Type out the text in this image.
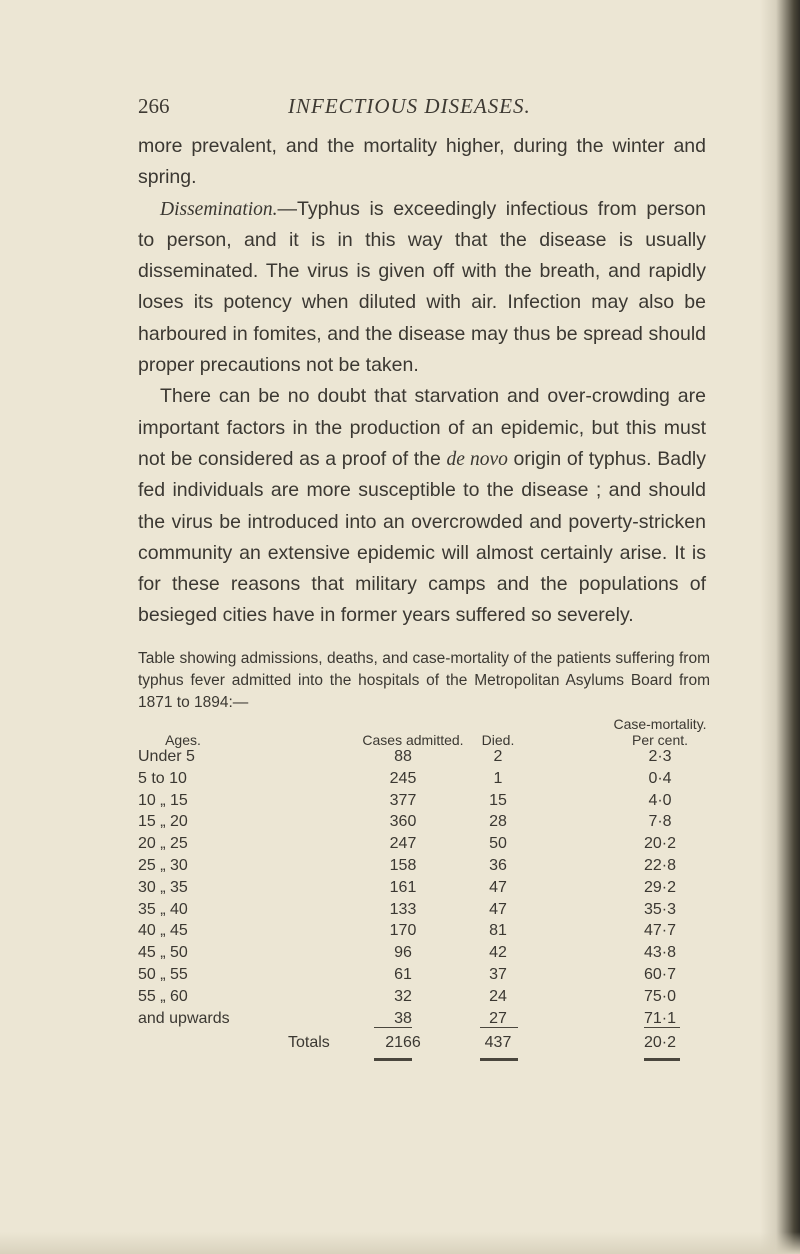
266	INFECTIOUS DISEASES.

more prevalent, and the mortality higher, during the winter and spring.

Dissemination.—Typhus is exceedingly infectious from person to person, and it is in this way that the disease is usually disseminated. The virus is given off with the breath, and rapidly loses its potency when diluted with air. Infection may also be harboured in fomites, and the disease may thus be spread should proper precautions not be taken.

There can be no doubt that starvation and over-crowding are important factors in the production of an epidemic, but this must not be considered as a proof of the de novo origin of typhus. Badly fed individuals are more susceptible to the disease ; and should the virus be introduced into an overcrowded and poverty-stricken community an extensive epidemic will almost certainly arise. It is for these reasons that military camps and the populations of besieged cities have in former years suffered so severely.

Table showing admissions, deaths, and case-mortality of the patients suffering from typhus fever admitted into the hospitals of the Metropolitan Asylums Board from 1871 to 1894:—
Ages.	Cases admitted.	Died.
Case-mortality.
Per cent.
Under 5	88	2	2·3
5 to 10	245	1	0·4
10 „ 15	377	15	4·0
15 „ 20	360	28	7·8
20 „ 25	247	50	20·2
25 „ 30	158	36	22·8
30 „ 35	161	47	29·2
35 „ 40	133	47	35·3
40 „ 45	170	81	47·7
45 „ 50	96	42	43·8
50 „ 55	61	37	60·7
55 „ 60	32	24	75·0
and upwards	38	27	71·1
Totals	2166	437	20·2
